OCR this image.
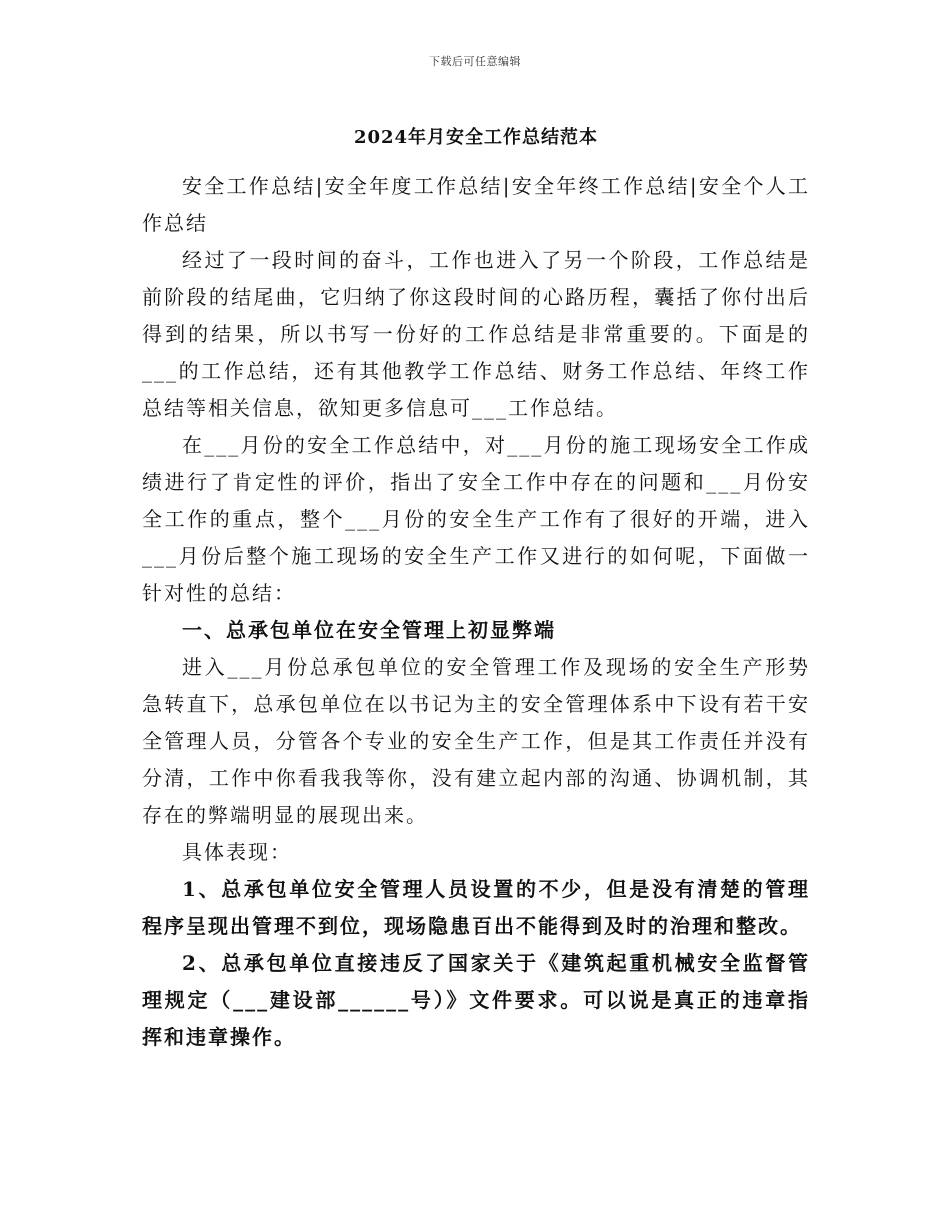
下载后可任意编辑
2024年月安全工作总结范本

安全工作总结|安全年度工作总结|安全年终工作总结|安全个人工作总结

经过了一段时间的奋斗，工作也进入了另一个阶段，工作总结是前阶段的结尾曲，它归纳了你这段时间的心路历程，囊括了你付出后得到的结果，所以书写一份好的工作总结是非常重要的。下面是的___的工作总结，还有其他教学工作总结、财务工作总结、年终工作总结等相关信息，欲知更多信息可___工作总结。

在___月份的安全工作总结中，对___月份的施工现场安全工作成绩进行了肯定性的评价，指出了安全工作中存在的问题和___月份安全工作的重点，整个___月份的安全生产工作有了很好的开端，进入___月份后整个施工现场的安全生产工作又进行的如何呢，下面做一针对性的总结：

一、总承包单位在安全管理上初显弊端

进入___月份总承包单位的安全管理工作及现场的安全生产形势急转直下，总承包单位在以书记为主的安全管理体系中下设有若干安全管理人员，分管各个专业的安全生产工作，但是其工作责任并没有分清，工作中你看我我等你，没有建立起内部的沟通、协调机制，其存在的弊端明显的展现出来。

具体表现：

1、总承包单位安全管理人员设置的不少，但是没有清楚的管理程序呈现出管理不到位，现场隐患百出不能得到及时的治理和整改。

2、总承包单位直接违反了国家关于《建筑起重机械安全监督管理规定（___建设部______号）》文件要求。可以说是真正的违章指挥和违章操作。
